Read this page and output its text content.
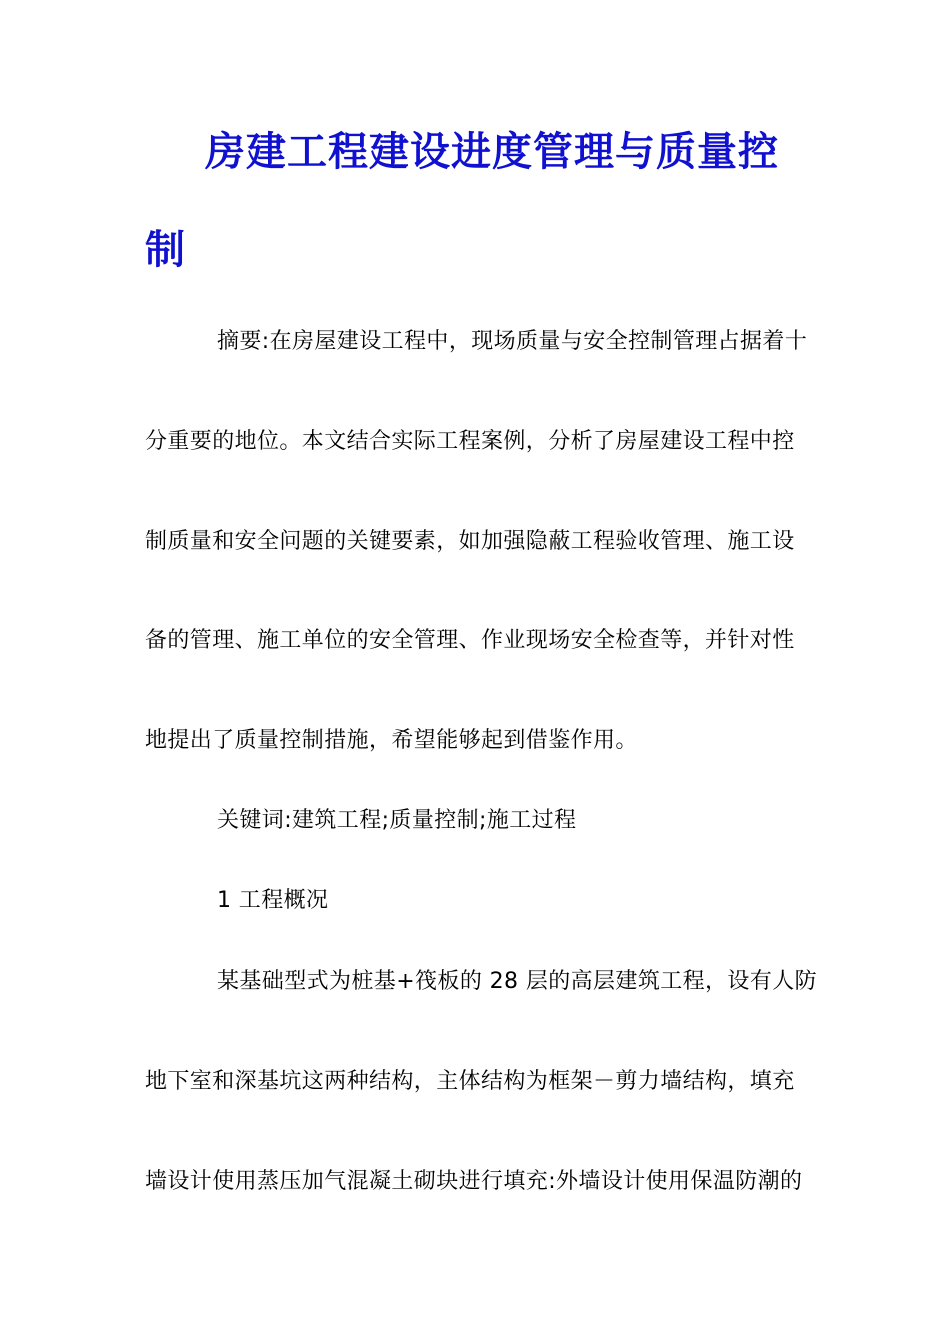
房建工程建设进度管理与质量控
制
摘要:在房屋建设工程中，现场质量与安全控制管理占据着十
分重要的地位。本文结合实际工程案例，分析了房屋建设工程中控
制质量和安全问题的关键要素，如加强隐蔽工程验收管理、施工设
备的管理、施工单位的安全管理、作业现场安全检查等，并针对性
地提出了质量控制措施，希望能够起到借鉴作用。
关键词:建筑工程;质量控制;施工过程
1 工程概况
某基础型式为桩基+筏板的 28 层的高层建筑工程，设有人防
地下室和深基坑这两种结构，主体结构为框架－剪力墙结构，填充
墙设计使用蒸压加气混凝土砌块进行填充:外墙设计使用保温防潮的
